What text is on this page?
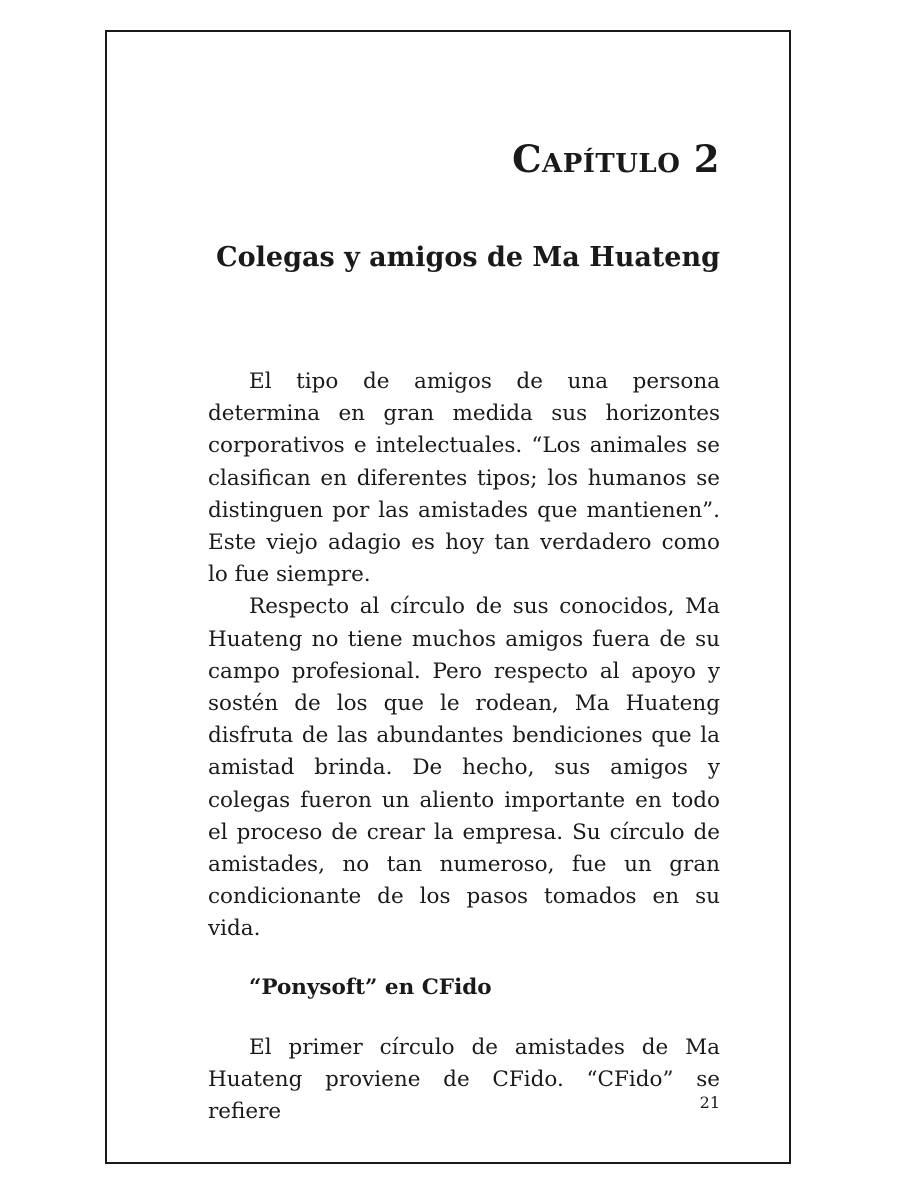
Capítulo 2
Colegas y amigos de Ma Huateng

El tipo de amigos de una persona determina en gran medida sus horizontes corporativos e intelectuales. “Los animales se clasifican en diferentes tipos; los humanos se distinguen por las amistades que mantienen”. Este viejo adagio es hoy tan verdadero como lo fue siempre.

Respecto al círculo de sus conocidos, Ma Huateng no tiene muchos amigos fuera de su campo profesional. Pero respecto al apoyo y sostén de los que le rodean, Ma Huateng disfruta de las abundantes bendiciones que la amistad brinda. De hecho, sus amigos y colegas fueron un aliento importante en todo el proceso de crear la empresa. Su círculo de amistades, no tan numeroso, fue un gran condicionante de los pasos tomados en su vida.

“Ponysoft” en CFido

El primer círculo de amistades de Ma Huateng proviene de CFido. “CFido” se refiere	21
